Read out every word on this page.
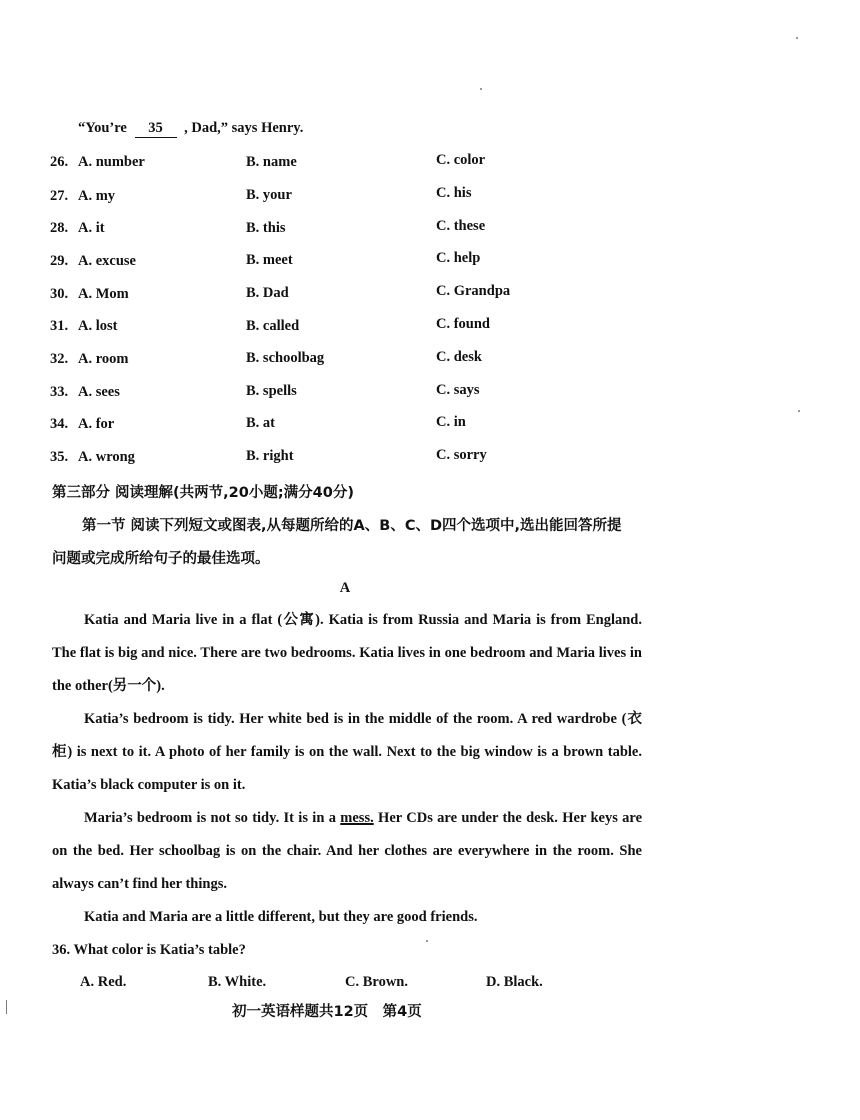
“You’re 35 , Dad,” says Henry.
26. A. number	B. name	C. color
27. A. my	B. your	C. his
28. A. it	B. this	C. these
29. A. excuse	B. meet	C. help
30. A. Mom	B. Dad	C. Grandpa
31. A. lost	B. called	C. found
32. A. room	B. schoolbag	C. desk
33. A. sees	B. spells	C. says
34. A. for	B. at	C. in
35. A. wrong	B. right	C. sorry
第三部分 阅读理解(共两节,20小题;满分40分)
第一节 阅读下列短文或图表,从每题所给的A、B、C、D四个选项中,选出能回答所提
问题或完成所给句子的最佳选项。
A
Katia and Maria live in a flat (公寓). Katia is from Russia and Maria is from England. The flat is big and nice. There are two bedrooms. Katia lives in one bedroom and Maria lives in the other(另一个).
Katia’s bedroom is tidy. Her white bed is in the middle of the room. A red wardrobe (衣柜) is next to it. A photo of her family is on the wall. Next to the big window is a brown table. Katia’s black computer is on it.
Maria’s bedroom is not so tidy. It is in a mess. Her CDs are under the desk. Her keys are on the bed. Her schoolbag is on the chair. And her clothes are everywhere in the room. She always can’t find her things.
Katia and Maria are a little different, but they are good friends.
36. What color is Katia’s table?
A. Red.	B. White.	C. Brown.	D. Black.
初一英语样题共12页　第4页
